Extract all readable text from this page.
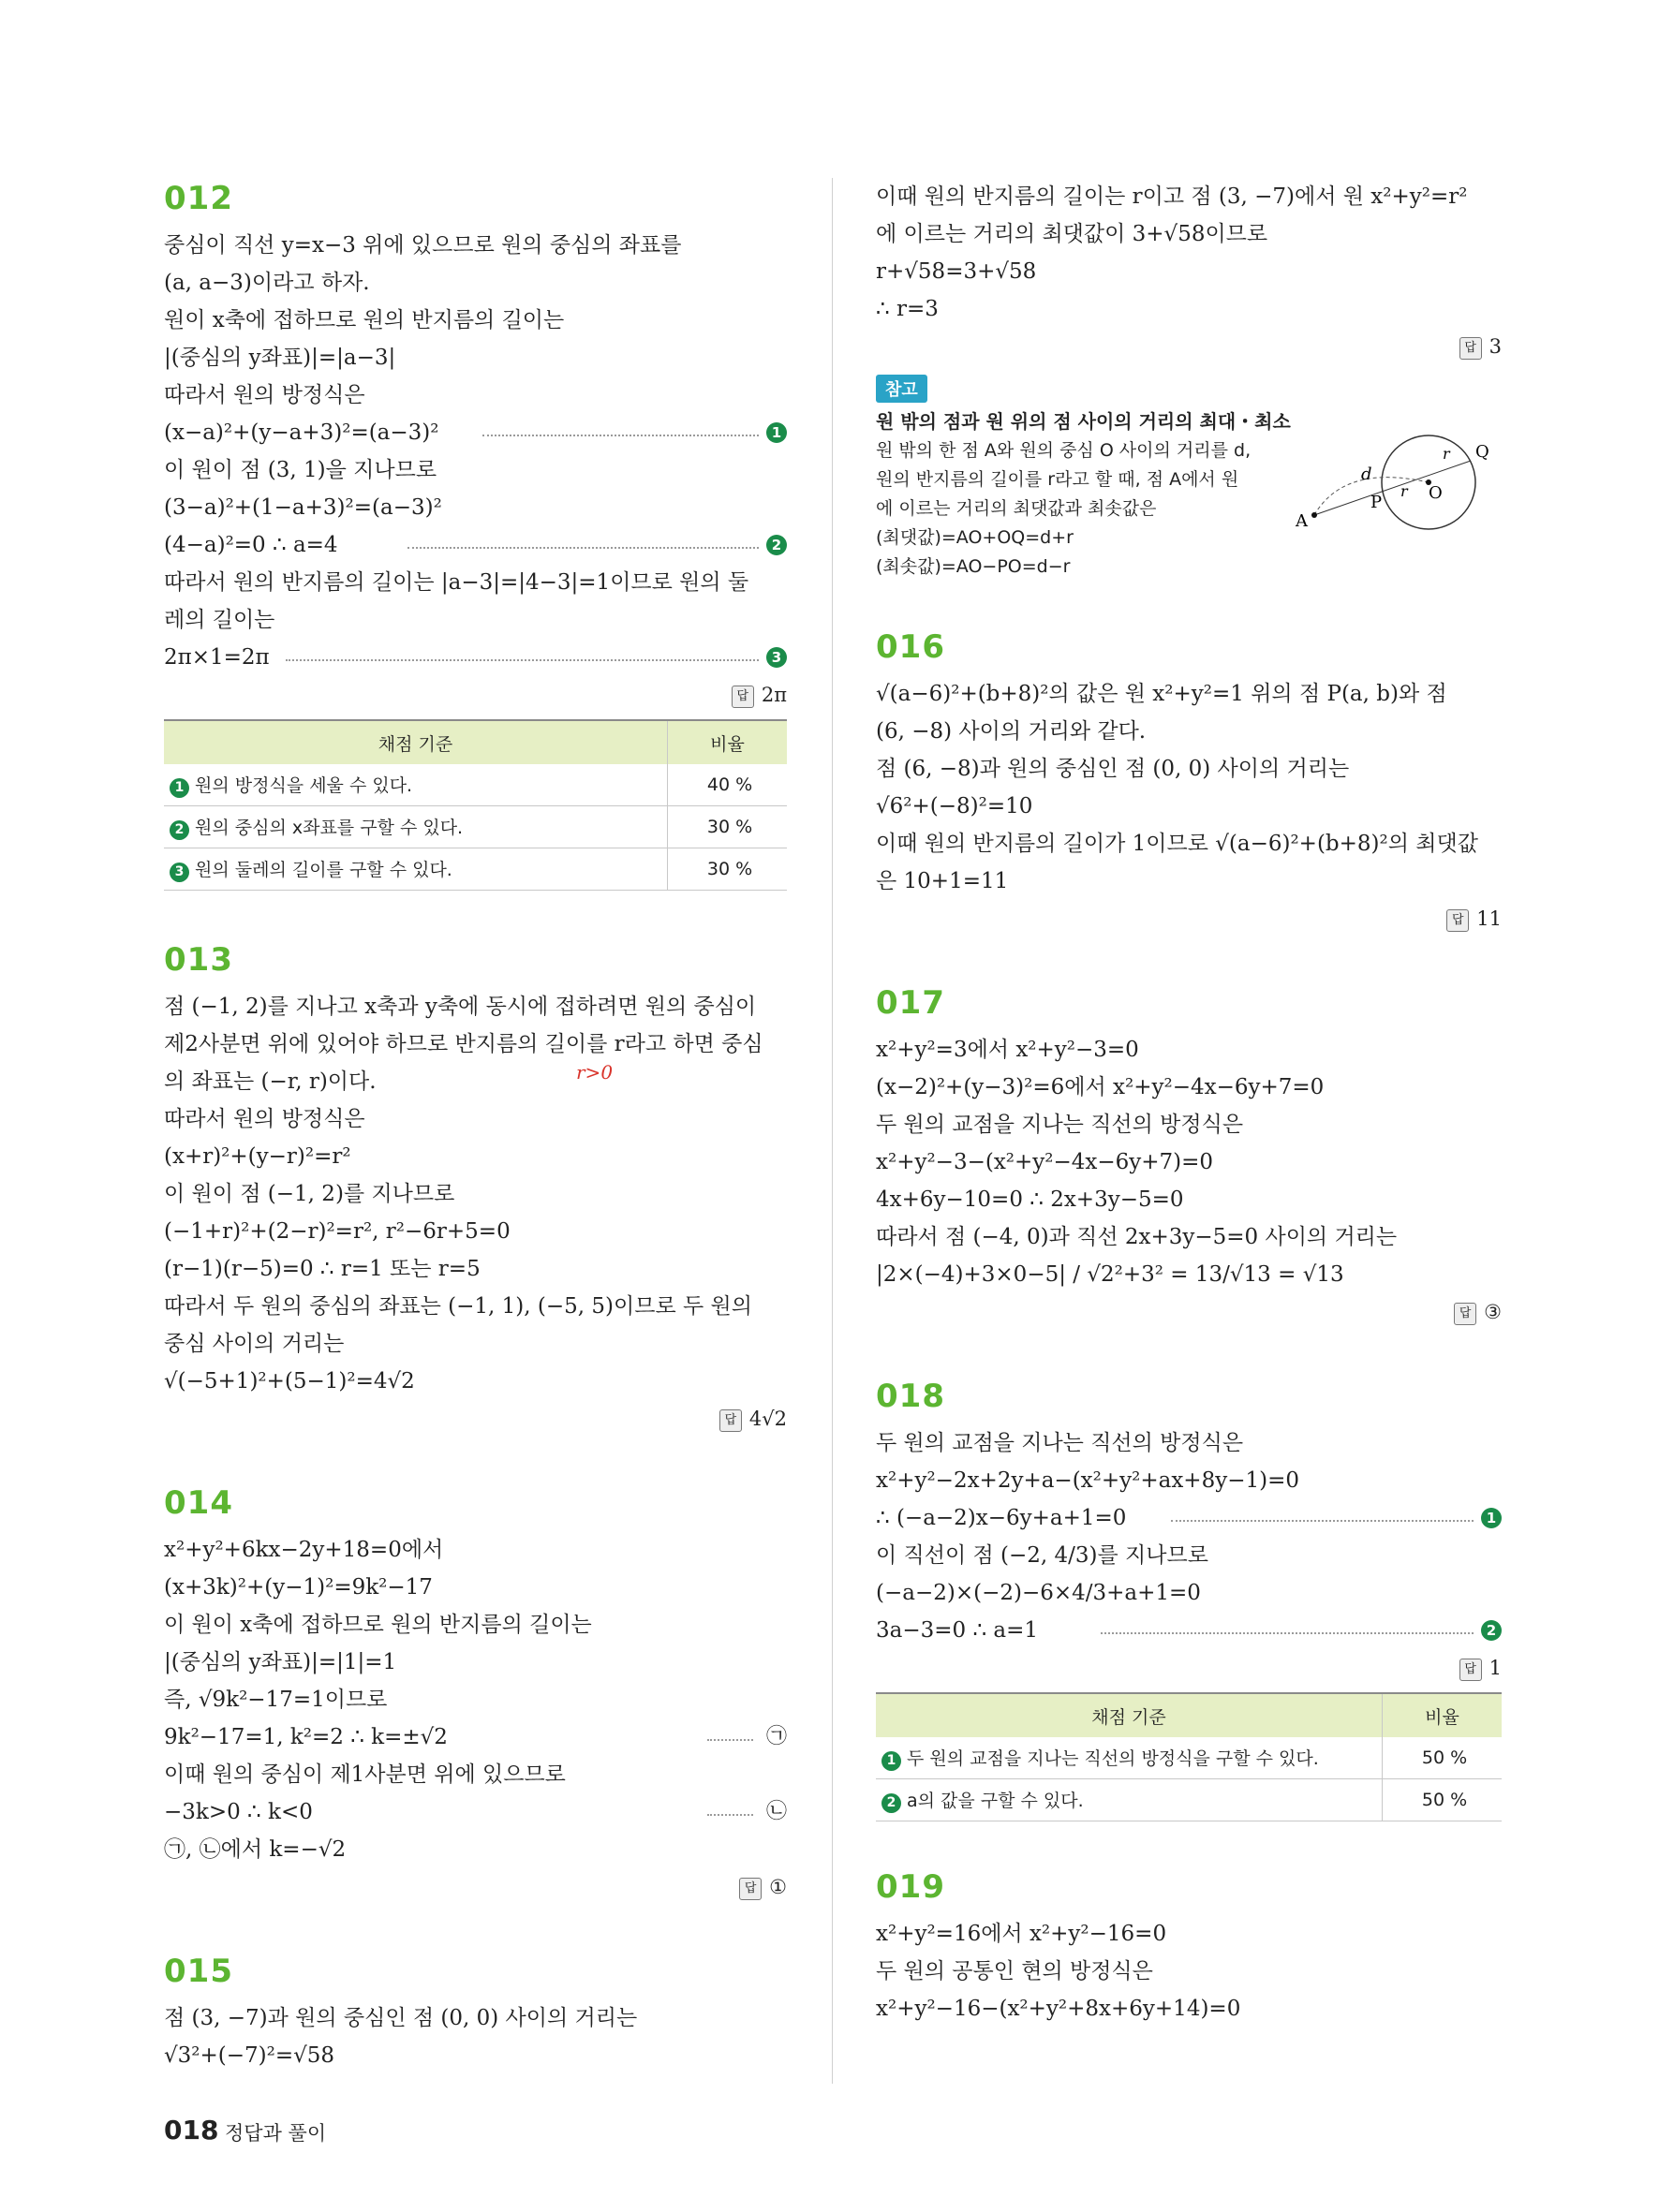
012
중심이 직선 y=x−3 위에 있으므로 원의 중심의 좌표를
(a, a−3)이라고 하자.
원이 x축에 접하므로 원의 반지름의 길이는
|(중심의 y좌표)|=|a−3|
따라서 원의 방정식은
(x−a)²+(y−a+3)²=(a−3)²	1
이 원이 점 (3, 1)을 지나므로
(3−a)²+(1−a+3)²=(a−3)²
(4−a)²=0 ∴ a=4	2
따라서 원의 반지름의 길이는 |a−3|=|4−3|=1이므로 원의 둘
레의 길이는
2π×1=2π	3
답 2π
채점 기준	비율
1 원의 방정식을 세울 수 있다.	40 %
2 원의 중심의 x좌표를 구할 수 있다.	30 %
3 원의 둘레의 길이를 구할 수 있다.	30 %
013
점 (−1, 2)를 지나고 x축과 y축에 동시에 접하려면 원의 중심이
제2사분면 위에 있어야 하므로 반지름의 길이를 r라고 하면 중심
의 좌표는 (−r, r)이다.	r>0
따라서 원의 방정식은
(x+r)²+(y−r)²=r²
이 원이 점 (−1, 2)를 지나므로
(−1+r)²+(2−r)²=r², r²−6r+5=0
(r−1)(r−5)=0 ∴ r=1 또는 r=5
따라서 두 원의 중심의 좌표는 (−1, 1), (−5, 5)이므로 두 원의
중심 사이의 거리는
√(−5+1)²+(5−1)²=4√2
답 4√2
014
x²+y²+6kx−2y+18=0에서
(x+3k)²+(y−1)²=9k²−17
이 원이 x축에 접하므로 원의 반지름의 길이는
|(중심의 y좌표)|=|1|=1
즉, √9k²−17=1이므로
9k²−17=1, k²=2 ∴ k=±√2	㉠
이때 원의 중심이 제1사분면 위에 있으므로
−3k>0 ∴ k<0	㉡
㉠, ㉡에서 k=−√2
답 ①
015
점 (3, −7)과 원의 중심인 점 (0, 0) 사이의 거리는
√3²+(−7)²=√58
이때 원의 반지름의 길이는 r이고 점 (3, −7)에서 원 x²+y²=r²
에 이르는 거리의 최댓값이 3+√58이므로
r+√58=3+√58
∴ r=3
답 3
참고
원 밖의 점과 원 위의 점 사이의 거리의 최대・최소
원 밖의 한 점 A와 원의 중심 O 사이의 거리를 d,
원의 반지름의 길이를 r라고 할 때, 점 A에서 원
에 이르는 거리의 최댓값과 최솟값은
(최댓값)=AO+OQ=d+r
(최솟값)=AO−PO=d−r
A
P	O
Q
d
r
r
016
√(a−6)²+(b+8)²의 값은 원 x²+y²=1 위의 점 P(a, b)와 점
(6, −8) 사이의 거리와 같다.
점 (6, −8)과 원의 중심인 점 (0, 0) 사이의 거리는
√6²+(−8)²=10
이때 원의 반지름의 길이가 1이므로 √(a−6)²+(b+8)²의 최댓값
은 10+1=11
답 11
017
x²+y²=3에서 x²+y²−3=0
(x−2)²+(y−3)²=6에서 x²+y²−4x−6y+7=0
두 원의 교점을 지나는 직선의 방정식은
x²+y²−3−(x²+y²−4x−6y+7)=0
4x+6y−10=0 ∴ 2x+3y−5=0
따라서 점 (−4, 0)과 직선 2x+3y−5=0 사이의 거리는
|2×(−4)+3×0−5| / √2²+3² = 13/√13 = √13
답 ③
018
두 원의 교점을 지나는 직선의 방정식은
x²+y²−2x+2y+a−(x²+y²+ax+8y−1)=0
∴ (−a−2)x−6y+a+1=0	1
이 직선이 점 (−2, 4/3)를 지나므로
(−a−2)×(−2)−6×4/3+a+1=0
3a−3=0 ∴ a=1	2
답 1
채점 기준	비율
1 두 원의 교점을 지나는 직선의 방정식을 구할 수 있다.	50 %
2 a의 값을 구할 수 있다.	50 %
019
x²+y²=16에서 x²+y²−16=0
두 원의 공통인 현의 방정식은
x²+y²−16−(x²+y²+8x+6y+14)=0
018 정답과 풀이
